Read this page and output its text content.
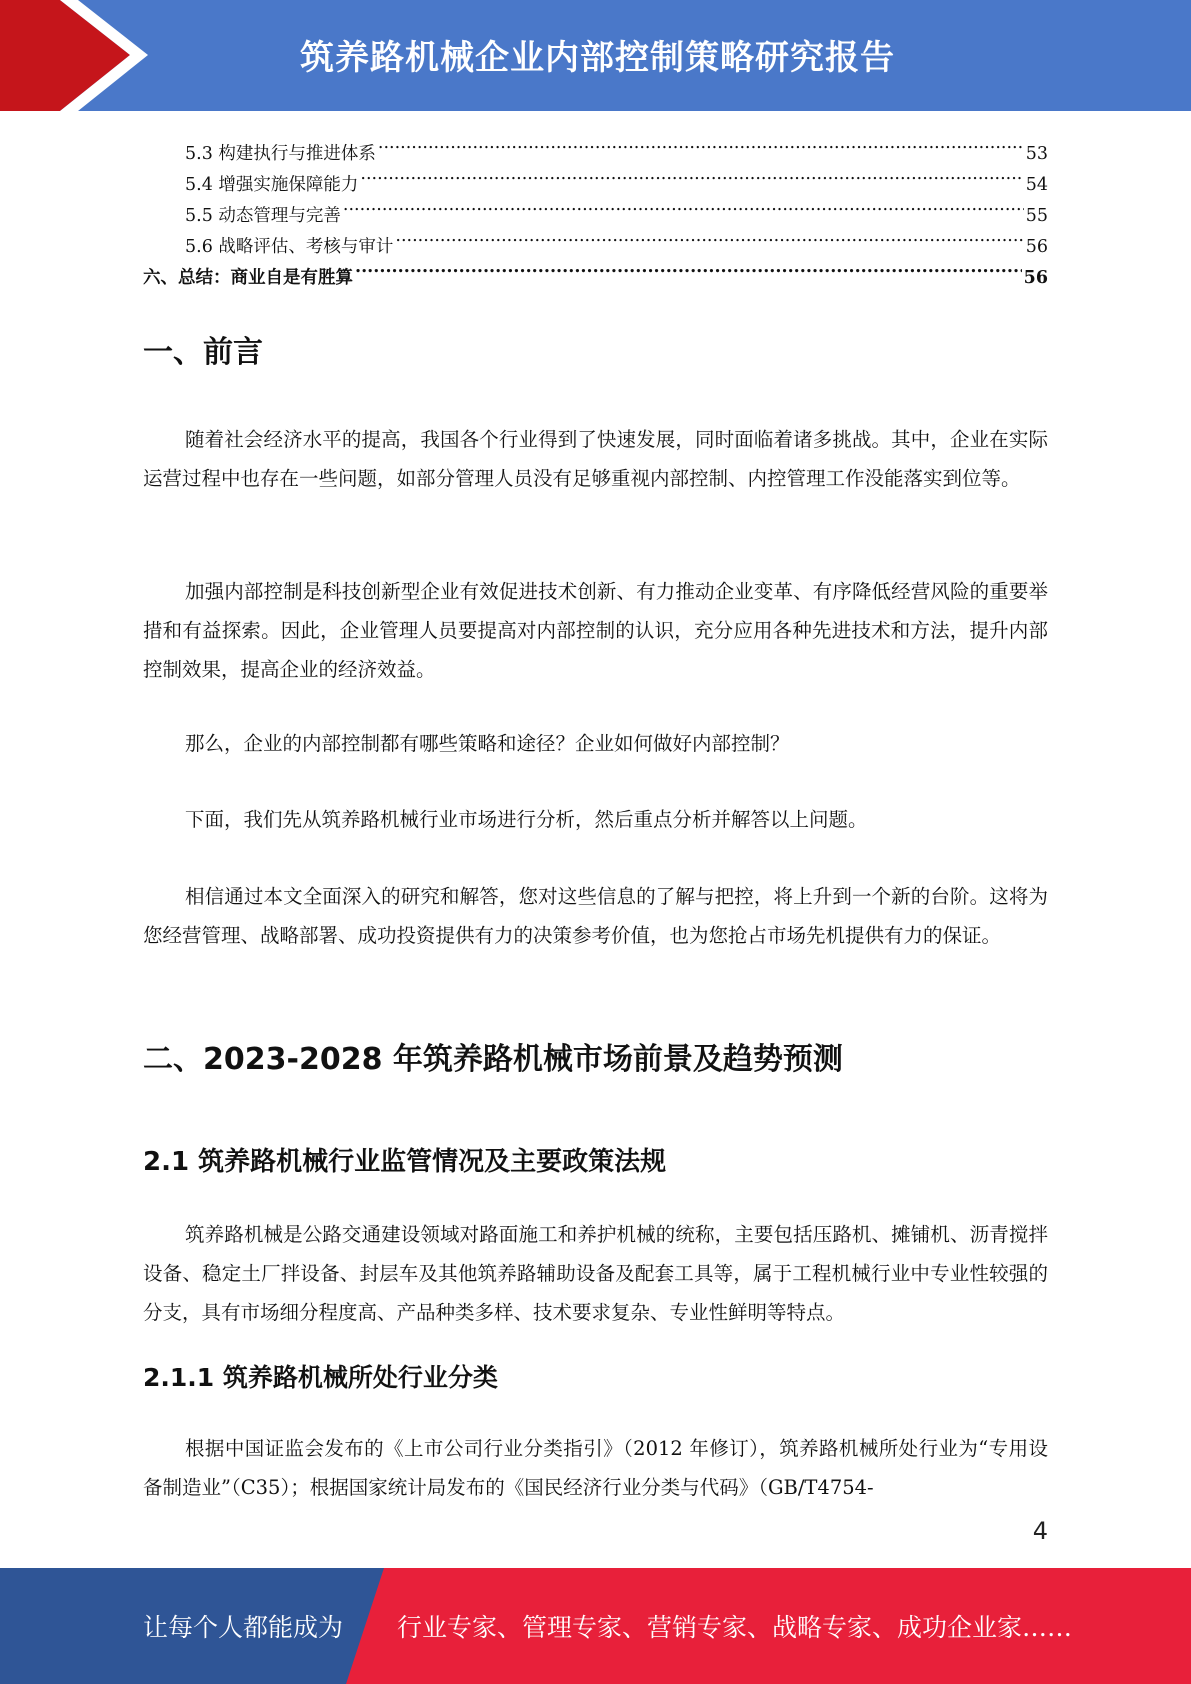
筑养路机械企业内部控制策略研究报告
5.3 构建执行与推进体系 .....	53
5.4 增强实施保障能力 .....	54
5.5 动态管理与完善 .....	55
5.6 战略评估、考核与审计 .....	56
六、总结：商业自是有胜算 .....	56
一、前言

随着社会经济水平的提高，我国各个行业得到了快速发展，同时面临着诸多挑战。其中，企业在实际运营过程中也存在一些问题，如部分管理人员没有足够重视内部控制、内控管理工作没能落实到位等。

加强内部控制是科技创新型企业有效促进技术创新、有力推动企业变革、有序降低经营风险的重要举措和有益探索。因此，企业管理人员要提高对内部控制的认识，充分应用各种先进技术和方法，提升内部控制效果，提高企业的经济效益。

那么，企业的内部控制都有哪些策略和途径？企业如何做好内部控制？

下面，我们先从筑养路机械行业市场进行分析，然后重点分析并解答以上问题。

相信通过本文全面深入的研究和解答，您对这些信息的了解与把控，将上升到一个新的台阶。这将为您经营管理、战略部署、成功投资提供有力的决策参考价值，也为您抢占市场先机提供有力的保证。

二、2023-2028 年筑养路机械市场前景及趋势预测
2.1 筑养路机械行业监管情况及主要政策法规

筑养路机械是公路交通建设领域对路面施工和养护机械的统称，主要包括压路机、摊铺机、沥青搅拌设备、稳定土厂拌设备、封层车及其他筑养路辅助设备及配套工具等，属于工程机械行业中专业性较强的分支，具有市场细分程度高、产品种类多样、技术要求复杂、专业性鲜明等特点。

2.1.1 筑养路机械所处行业分类

根据中国证监会发布的《上市公司行业分类指引》（2012 年修订），筑养路机械所处行业为“专用设备制造业”（C35）；根据国家统计局发布的《国民经济行业分类与代码》（GB/T4754-

4
让每个人都能成为 行业专家、管理专家、营销专家、战略专家、成功企业家……
